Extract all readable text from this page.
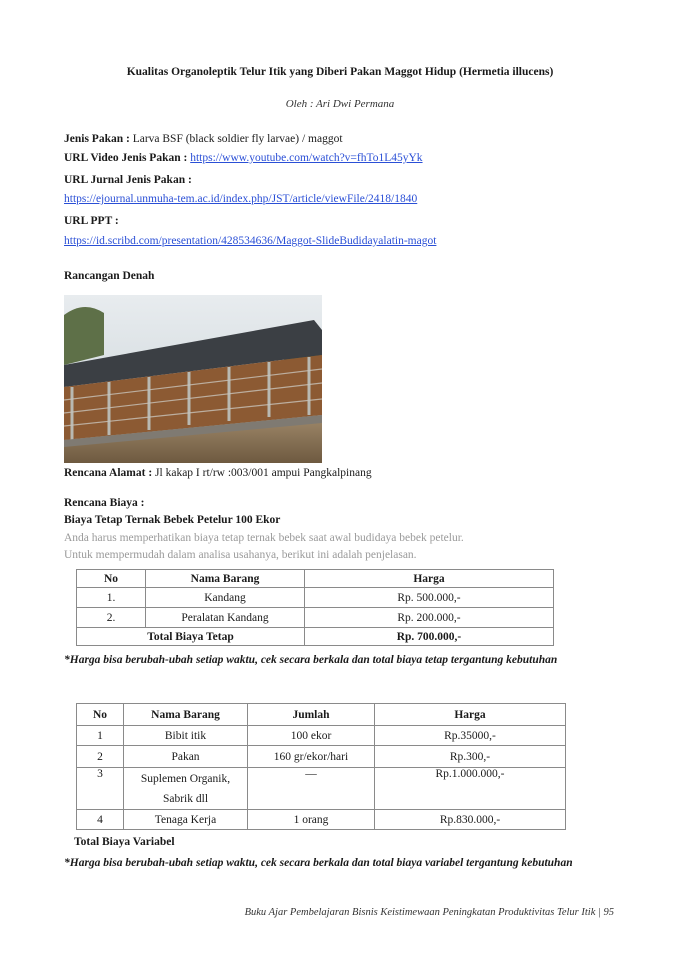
Kualitas Organoleptik Telur Itik yang Diberi Pakan Maggot Hidup (Hermetia illucens)
Oleh : Ari Dwi Permana
Jenis Pakan : Larva BSF (black soldier fly larvae) / maggot
URL Video Jenis Pakan : https://www.youtube.com/watch?v=fhTo1L45yYk
URL Jurnal Jenis Pakan :
https://ejournal.unmuha-tem.ac.id/index.php/JST/article/viewFile/2418/1840
URL PPT :
https://id.scribd.com/presentation/428534636/Maggot-SlideBudidayalatin-magot
Rancangan Denah
Rencana Alamat : Jl kakap I rt/rw :003/001 ampui Pangkalpinang
Rencana Biaya :
Biaya Tetap Ternak Bebek Petelur 100 Ekor
Anda harus memperhatikan biaya tetap ternak bebek saat awal budidaya bebek petelur.
Untuk mempermudah dalam analisa usahanya, berikut ini adalah penjelasan.
No	Nama Barang	Harga
1.	Kandang	Rp. 500.000,-
2.	Peralatan Kandang	Rp. 200.000,-
Total Biaya Tetap		Rp. 700.000,-
*Harga bisa berubah-ubah setiap waktu, cek secara berkala dan total biaya tetap tergantung kebutuhan
No	Nama Barang	Jumlah	Harga
1	Bibit itik	100 ekor	Rp.35000,-
2	Pakan	160 gr/ekor/hari	Rp.300,-
3	Suplemen Organik, Sabrik dll	—	Rp.1.000.000,-
4	Tenaga Kerja	1 orang	Rp.830.000,-
Total Biaya Variabel
*Harga bisa berubah-ubah setiap waktu, cek secara berkala dan total biaya variabel tergantung kebutuhan
Buku Ajar Pembelajaran Bisnis Keistimewaan Peningkatan Produktivitas Telur Itik | 95
